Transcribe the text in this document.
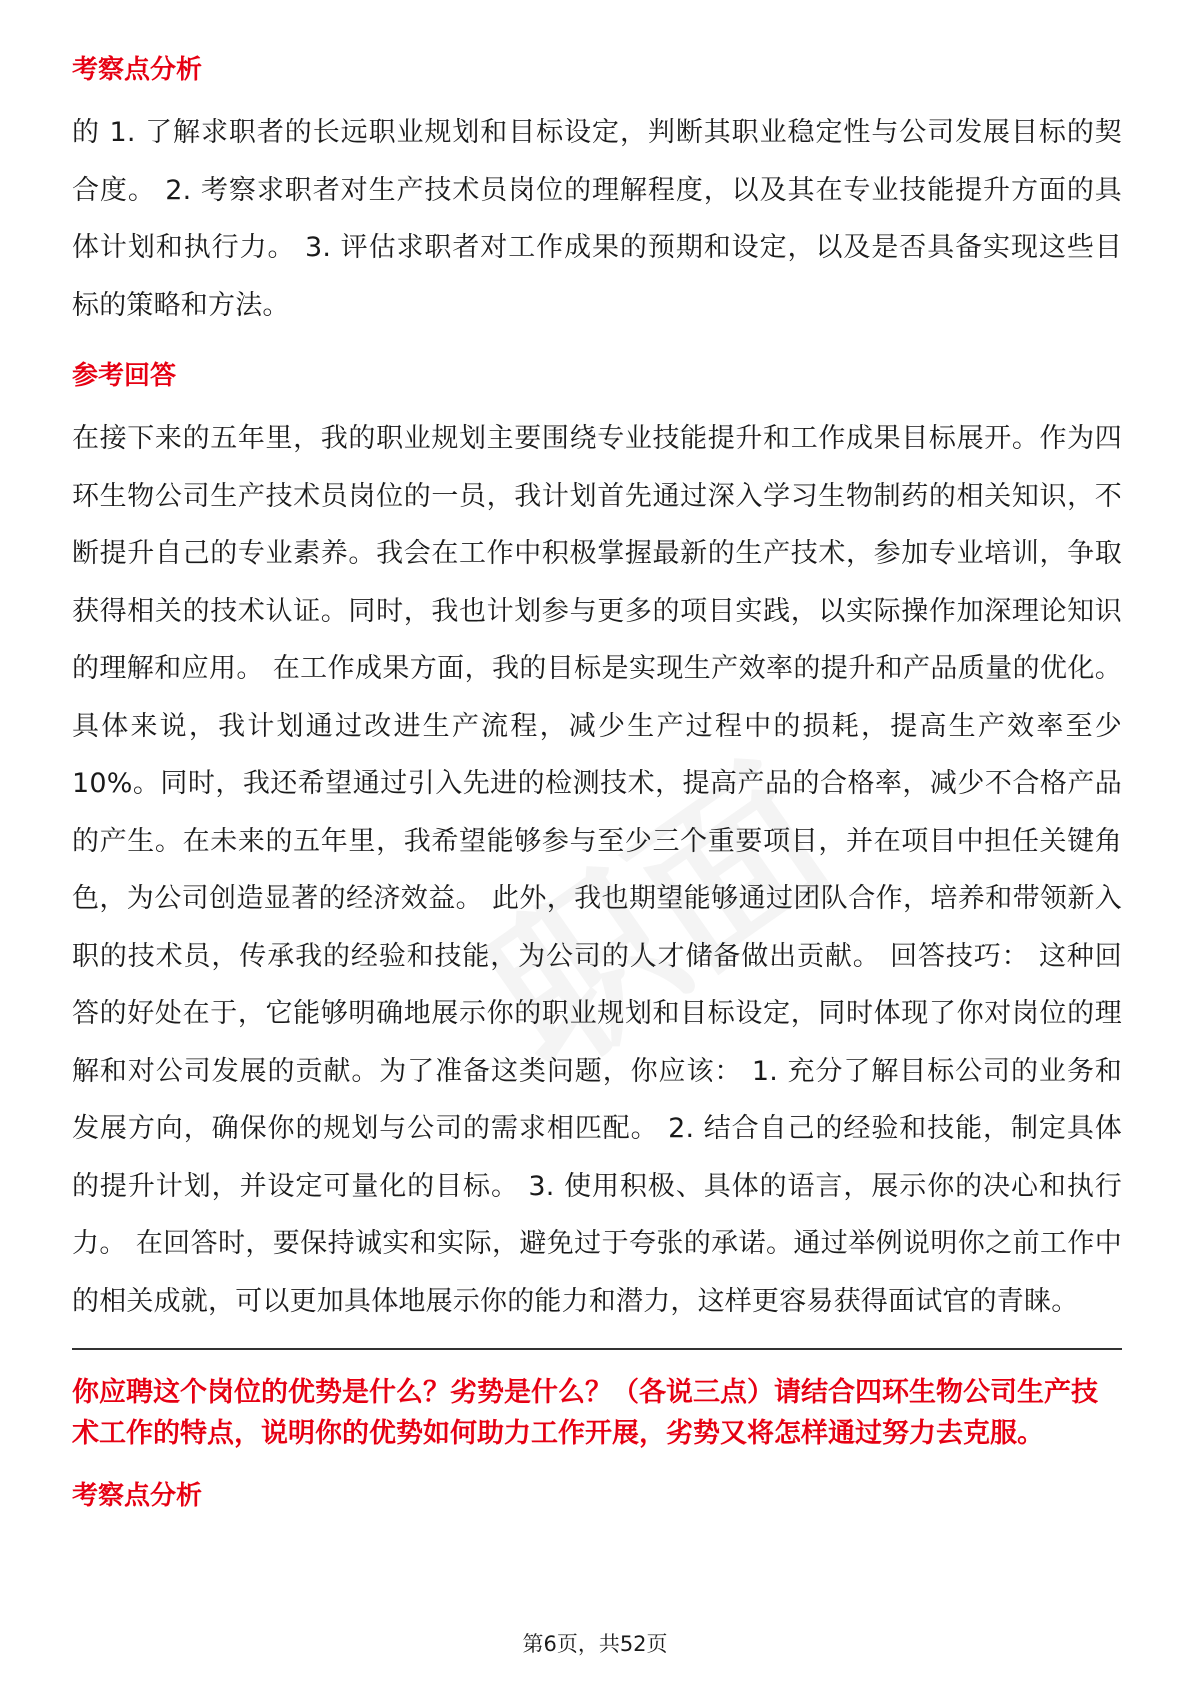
考察点分析

的 1. 了解求职者的长远职业规划和目标设定，判断其职业稳定性与公司发展目标的契合度。 2. 考察求职者对生产技术员岗位的理解程度，以及其在专业技能提升方面的具体计划和执行力。 3. 评估求职者对工作成果的预期和设定，以及是否具备实现这些目标的策略和方法。

参考回答

在接下来的五年里，我的职业规划主要围绕专业技能提升和工作成果目标展开。作为四环生物公司生产技术员岗位的一员，我计划首先通过深入学习生物制药的相关知识，不断提升自己的专业素养。我会在工作中积极掌握最新的生产技术，参加专业培训，争取获得相关的技术认证。同时，我也计划参与更多的项目实践，以实际操作加深理论知识的理解和应用。 在工作成果方面，我的目标是实现生产效率的提升和产品质量的优化。具体来说，我计划通过改进生产流程，减少生产过程中的损耗，提高生产效率至少10%。同时，我还希望通过引入先进的检测技术，提高产品的合格率，减少不合格产品的产生。在未来的五年里，我希望能够参与至少三个重要项目，并在项目中担任关键角色，为公司创造显著的经济效益。 此外，我也期望能够通过团队合作，培养和带领新入职的技术员，传承我的经验和技能，为公司的人才储备做出贡献。 回答技巧： 这种回答的好处在于，它能够明确地展示你的职业规划和目标设定，同时体现了你对岗位的理解和对公司发展的贡献。为了准备这类问题，你应该： 1. 充分了解目标公司的业务和发展方向，确保你的规划与公司的需求相匹配。 2. 结合自己的经验和技能，制定具体的提升计划，并设定可量化的目标。 3. 使用积极、具体的语言，展示你的决心和执行力。 在回答时，要保持诚实和实际，避免过于夸张的承诺。通过举例说明你之前工作中的相关成就，可以更加具体地展示你的能力和潜力，这样更容易获得面试官的青睐。

你应聘这个岗位的优势是什么？劣势是什么？（各说三点）请结合四环生物公司生产技术工作的特点，说明你的优势如何助力工作开展，劣势又将怎样通过努力去克服。

考察点分析
第6页，共52页
